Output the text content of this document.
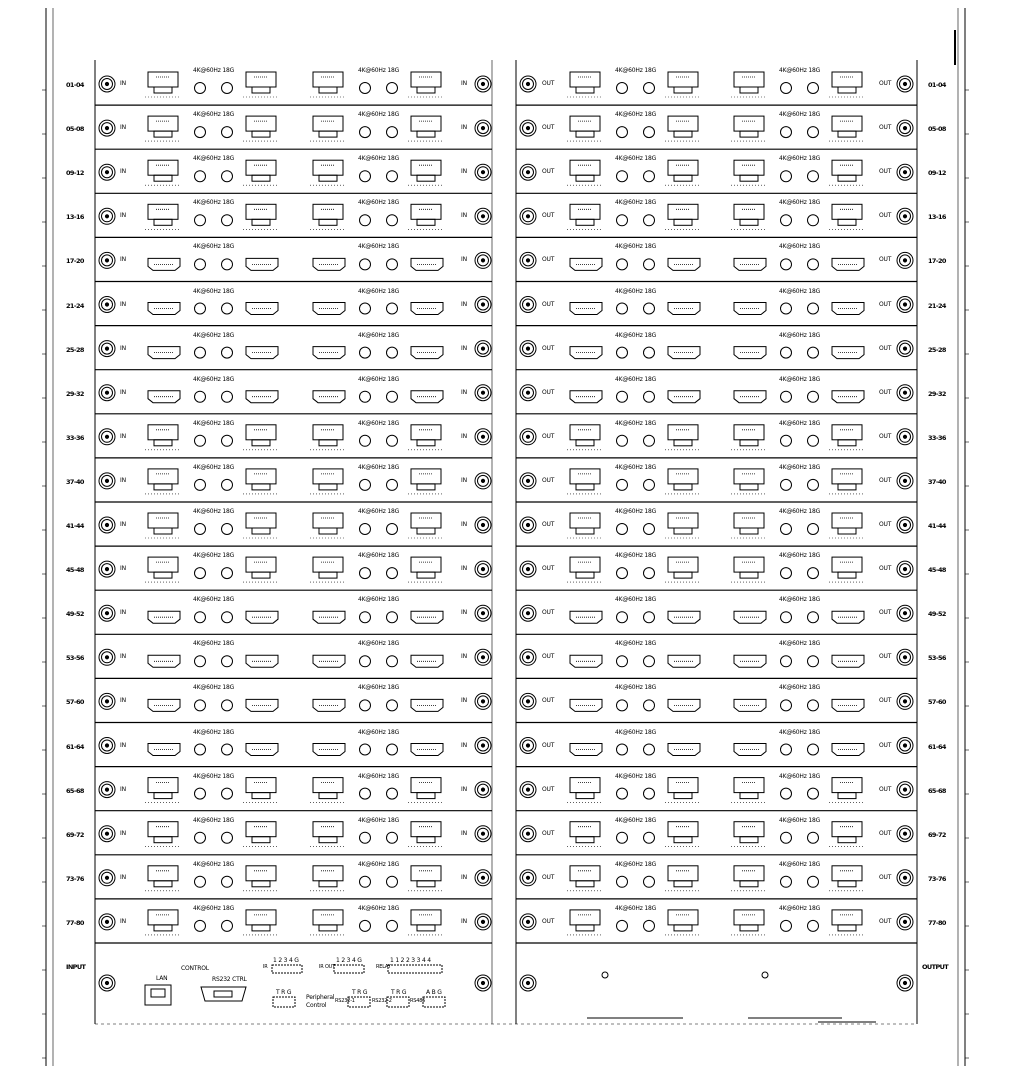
01-04	01-04
IN	IN	OUT	OUT
4K@60Hz 18G	4K@60Hz 18G	4K@60Hz 18G	4K@60Hz 18G
05-08	05-08
IN	IN	OUT	OUT
4K@60Hz 18G	4K@60Hz 18G	4K@60Hz 18G	4K@60Hz 18G
09-12	09-12
IN	IN	OUT	OUT
4K@60Hz 18G	4K@60Hz 18G	4K@60Hz 18G	4K@60Hz 18G
13-16	13-16
IN	IN	OUT	OUT
4K@60Hz 18G	4K@60Hz 18G	4K@60Hz 18G	4K@60Hz 18G
17-20	17-20
IN	IN	OUT	OUT
4K@60Hz 18G	4K@60Hz 18G	4K@60Hz 18G	4K@60Hz 18G
21-24	21-24
IN	IN	OUT	OUT
4K@60Hz 18G	4K@60Hz 18G	4K@60Hz 18G	4K@60Hz 18G
25-28	25-28
IN	IN	OUT	OUT
4K@60Hz 18G	4K@60Hz 18G	4K@60Hz 18G	4K@60Hz 18G
29-32	29-32
IN	IN	OUT	OUT
4K@60Hz 18G	4K@60Hz 18G	4K@60Hz 18G	4K@60Hz 18G
33-36	33-36
IN	IN	OUT	OUT
4K@60Hz 18G	4K@60Hz 18G	4K@60Hz 18G	4K@60Hz 18G
37-40	37-40
IN	IN	OUT	OUT
4K@60Hz 18G	4K@60Hz 18G	4K@60Hz 18G	4K@60Hz 18G
41-44	41-44
IN	IN	OUT	OUT
4K@60Hz 18G	4K@60Hz 18G	4K@60Hz 18G	4K@60Hz 18G
45-48	45-48
IN	IN	OUT	OUT
4K@60Hz 18G	4K@60Hz 18G	4K@60Hz 18G	4K@60Hz 18G
49-52	49-52
IN	IN	OUT	OUT
4K@60Hz 18G	4K@60Hz 18G	4K@60Hz 18G	4K@60Hz 18G
53-56	53-56
IN	IN	OUT	OUT
4K@60Hz 18G	4K@60Hz 18G	4K@60Hz 18G	4K@60Hz 18G
57-60	57-60
IN	IN	OUT	OUT
4K@60Hz 18G	4K@60Hz 18G	4K@60Hz 18G	4K@60Hz 18G
61-64	61-64
IN	IN	OUT	OUT
4K@60Hz 18G	4K@60Hz 18G	4K@60Hz 18G	4K@60Hz 18G
65-68	65-68
IN	IN	OUT	OUT
4K@60Hz 18G	4K@60Hz 18G	4K@60Hz 18G	4K@60Hz 18G
69-72	69-72
IN	IN	OUT	OUT
4K@60Hz 18G	4K@60Hz 18G	4K@60Hz 18G	4K@60Hz 18G
73-76	73-76
IN	IN	OUT	OUT
4K@60Hz 18G	4K@60Hz 18G	4K@60Hz 18G	4K@60Hz 18G
77-80	77-80
IN	IN	OUT	OUT
4K@60Hz 18G	4K@60Hz 18G	4K@60Hz 18G	4K@60Hz 18G
INPUT	OUTPUT
LAN
CONTROL
RS232 CTRL
IR
1 2 3 4 G
IR OUT
1 2 3 4 G
RELAY
1 1 2 2 3 3 4 4
T R G
Peripheral
Control
T R G
RS232-1
T R G
RS232-2
A B G
RS485
